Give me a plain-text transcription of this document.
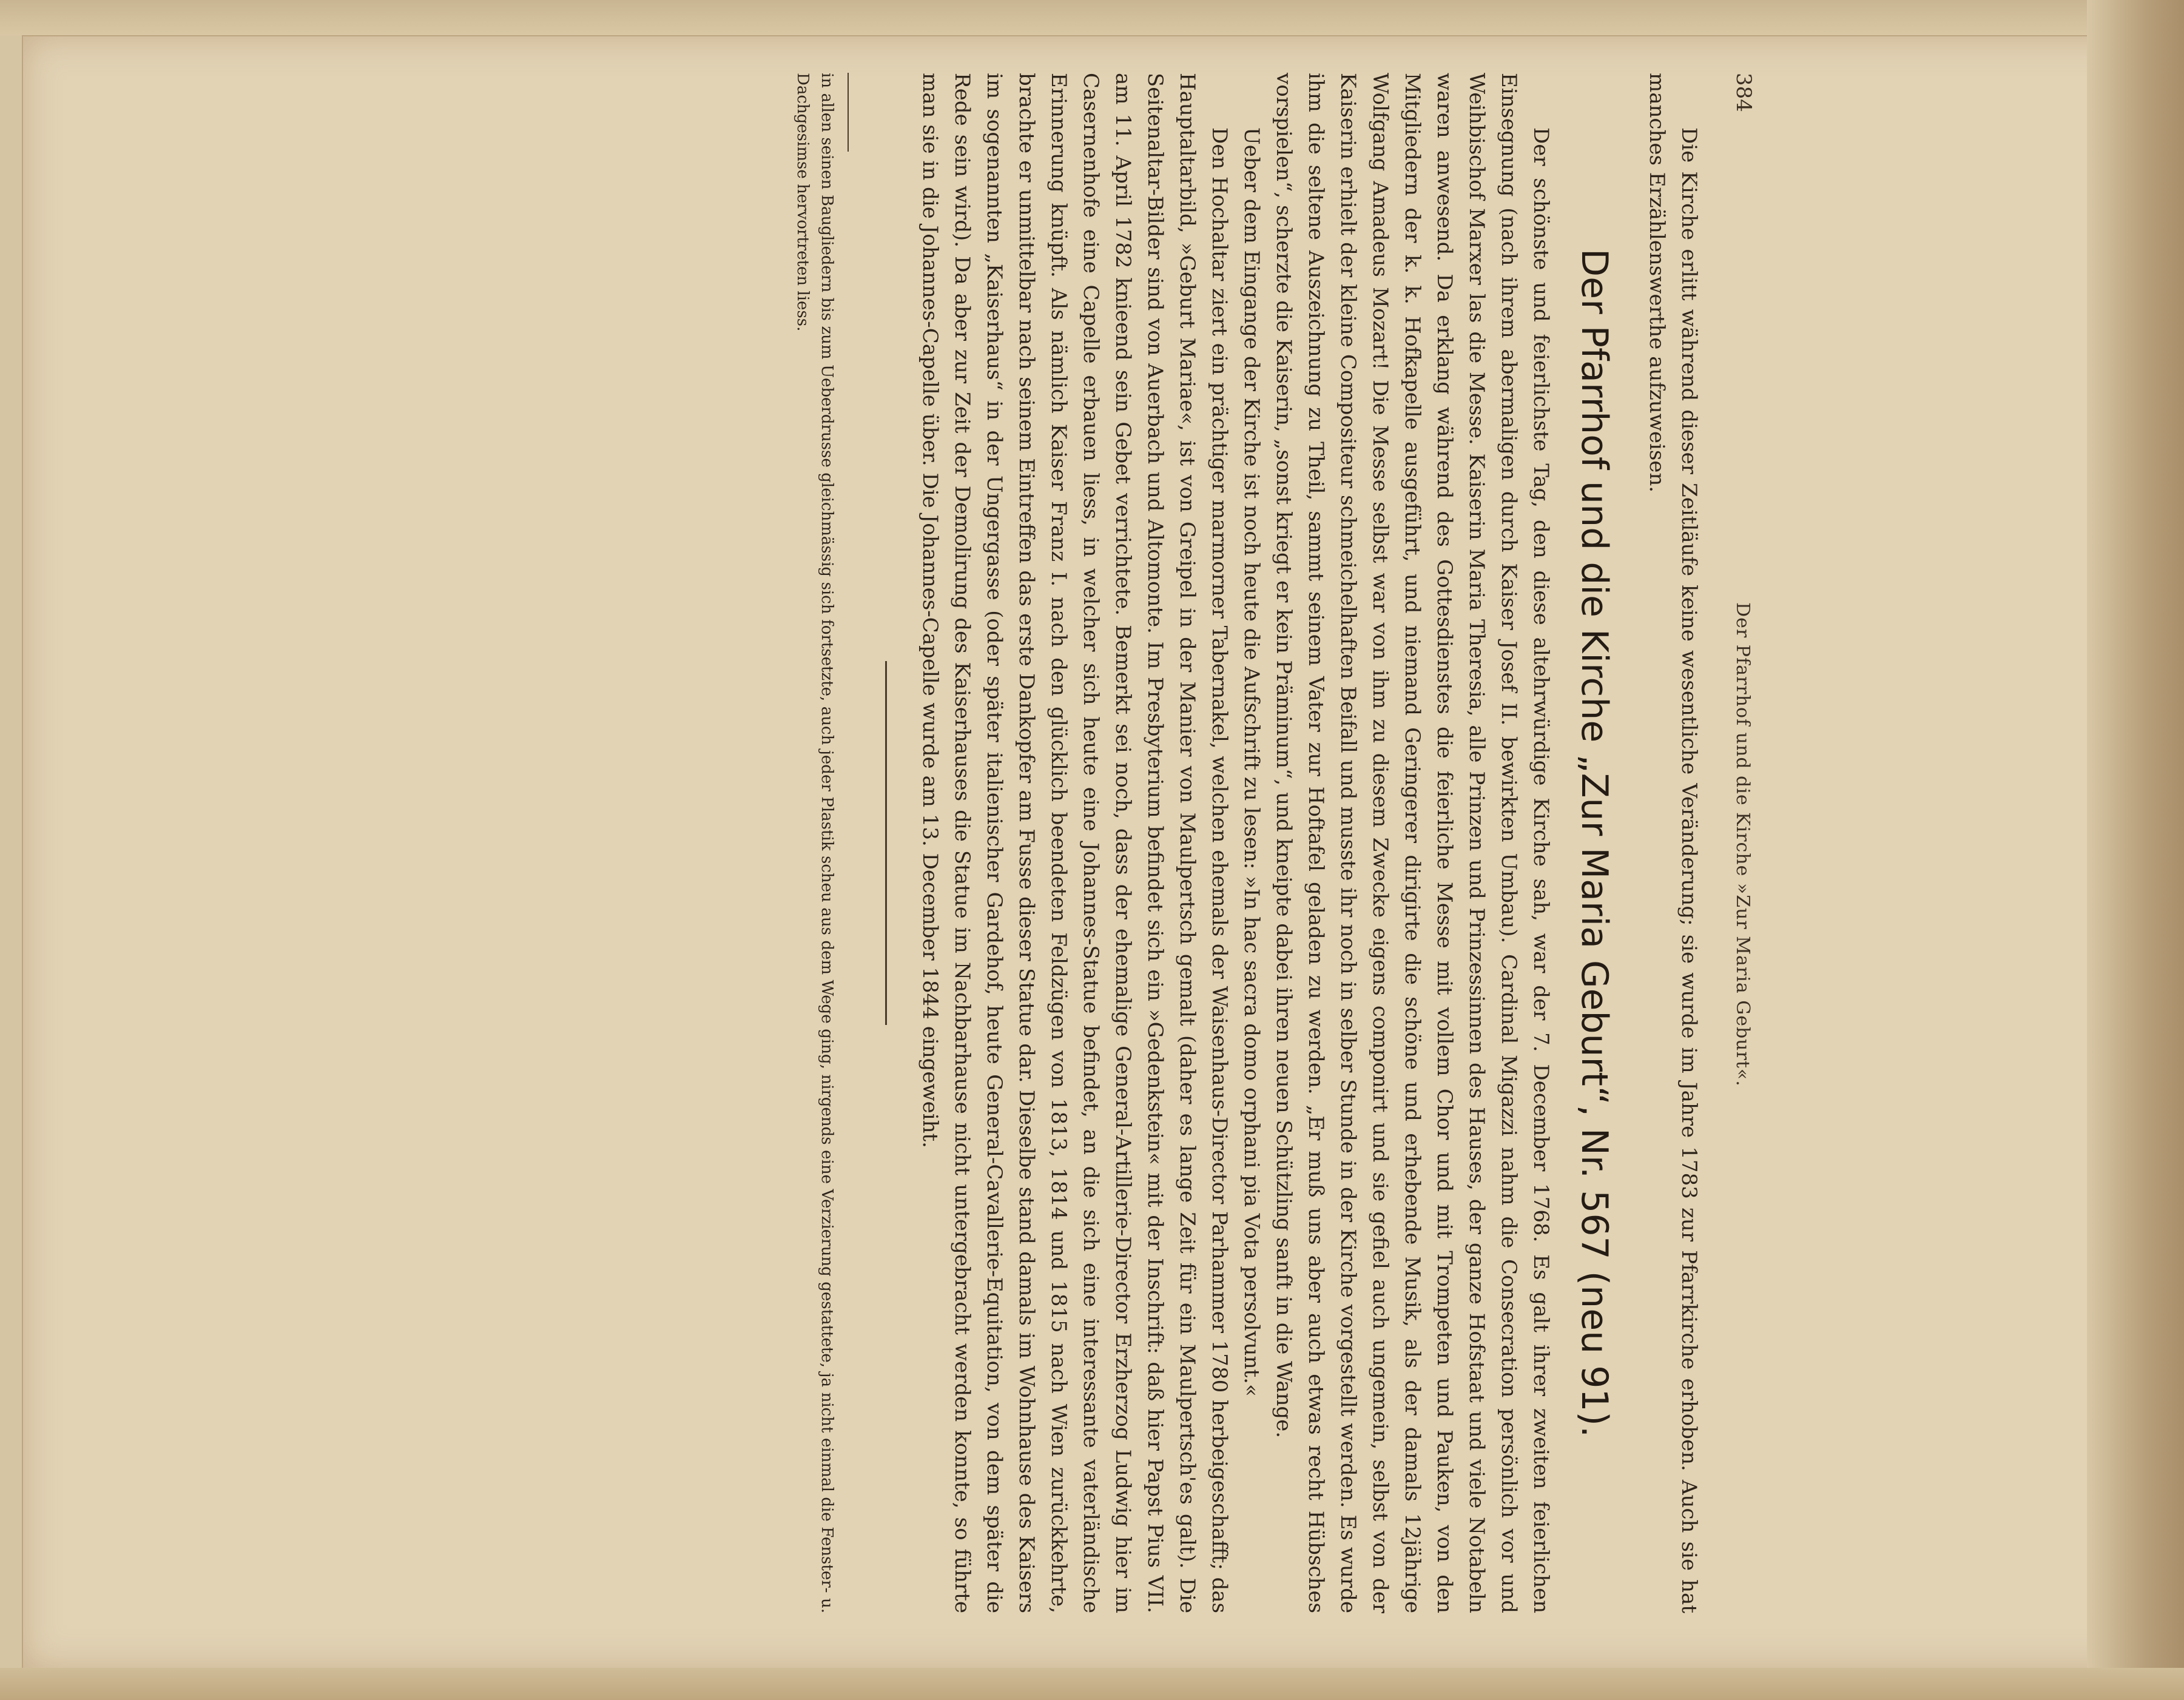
384
Der Pfarrhof und die Kirche »Zur Maria Geburt«.

Die Kirche erlitt während dieser Zeitläufe keine wesentliche Veränderung; sie wurde im Jahre 1783 zur Pfarrkirche erhoben. Auch sie hat manches Erzählenswerthe aufzuweisen.

Der Pfarrhof und die Kirche „Zur Maria Geburt“, Nr. 567 (neu 91).

Der schönste und feierlichste Tag, den diese altehrwürdige Kirche sah, war der 7. December 1768. Es galt ihrer zweiten feierlichen Einsegnung (nach ihrem abermaligen durch Kaiser Josef II. bewirkten Umbau). Cardinal Migazzi nahm die Consecration persönlich vor und Weihbischof Marxer las die Messe. Kaiserin Maria Theresia, alle Prinzen und Prinzessinnen des Hauses, der ganze Hofstaat und viele Notabeln waren anwesend. Da erklang während des Gottesdienstes die feierliche Messe mit vollem Chor und mit Trompeten und Pauken, von den Mitgliedern der k. k. Hofkapelle ausgeführt, und niemand Geringerer dirigirte die schöne und erhebende Musik, als der damals 12jährige Wolfgang Amadeus Mozart! Die Messe selbst war von ihm zu diesem Zwecke eigens componirt und sie gefiel auch ungemein, selbst von der Kaiserin erhielt der kleine Compositeur schmeichelhaften Beifall und musste ihr noch in selber Stunde in der Kirche vorgestellt werden. Es wurde ihm die seltene Auszeichnung zu Theil, sammt seinem Vater zur Hoftafel geladen zu werden. „Er muß uns aber auch etwas recht Hübsches vorspielen“, scherzte die Kaiserin, „sonst kriegt er kein Präminum“, und kneipte dabei ihren neuen Schützling sanft in die Wange.

Ueber dem Eingange der Kirche ist noch heute die Aufschrift zu lesen: »In hac sacra domo orphani pia Vota persolvunt.«

Den Hochaltar ziert ein prächtiger marmorner Tabernakel, welchen ehemals der Waisenhaus-Director Parhammer 1780 herbeigeschafft; das Hauptaltarbild, »Geburt Mariae«, ist von Greipel in der Manier von Maulpertsch gemalt (daher es lange Zeit für ein Maulpertsch'es galt). Die Seitenaltar-Bilder sind von Auerbach und Altomonte. Im Presbyterium befindet sich ein »Gedenkstein« mit der Inschrift: daß hier Papst Pius VII. am 11. April 1782 knieend sein Gebet verrichtete. Bemerkt sei noch, dass der ehemalige General-Artillerie-Director Erzherzog Ludwig hier im Casernenhofe eine Capelle erbauen liess, in welcher sich heute eine Johannes-Statue befindet, an die sich eine interessante vaterländische Erinnerung knüpft. Als nämlich Kaiser Franz I. nach den glücklich beendeten Feldzügen von 1813, 1814 und 1815 nach Wien zurückkehrte, brachte er unmittelbar nach seinem Eintreffen das erste Dankopfer am Fusse dieser Statue dar. Dieselbe stand damals im Wohnhause des Kaisers im sogenannten „Kaiserhaus“ in der Ungergasse (oder später italienischer Gardehof, heute General-Cavallerie-Equitation, von dem später die Rede sein wird). Da aber zur Zeit der Demolirung des Kaiserhauses die Statue im Nachbarhause nicht untergebracht werden konnte, so führte man sie in die Johannes-Capelle über. Die Johannes-Capelle wurde am 13. December 1844 eingeweiht.

in allen seinen Baugliedern bis zum Ueberdrusse gleichmässig sich fortsetzte, auch jeder Plastik scheu aus dem Wege ging, nirgends eine Verzierung gestattete, ja nicht einmal die Fenster- u. Dachgesimse hervortreten liess.
